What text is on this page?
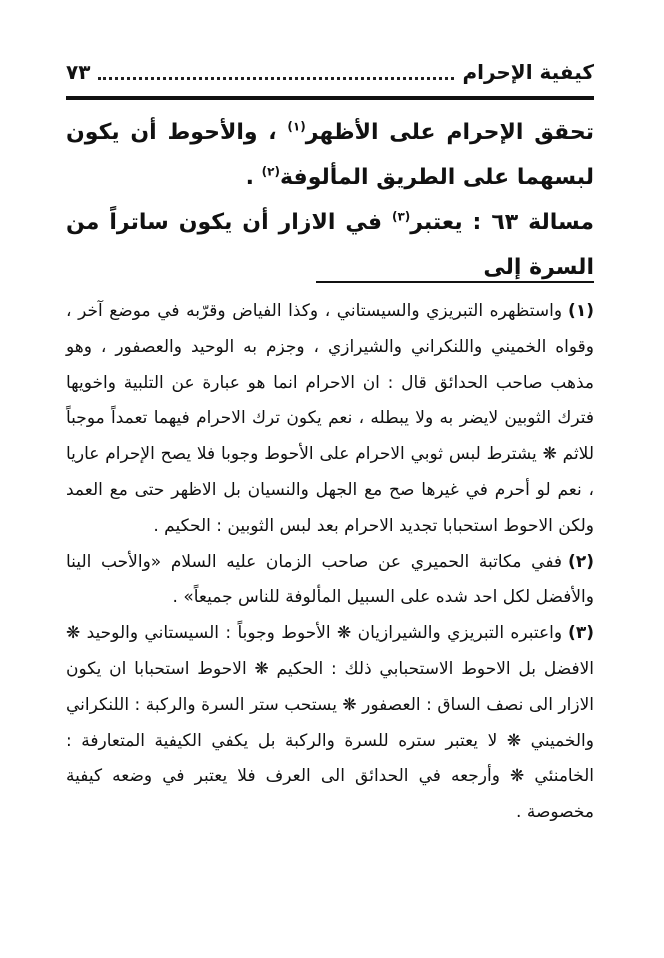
كيفية الإحرام
٧٣

تحقق الإحرام على الأظهر$^{(١)}$ ، والأحوط أن يكون لبسهما على الطريق المألوفة$^{(٢)}$ .

مسالة ٦٣ : يعتبر$^{(٣)}$ في الازار أن يكون ساتراً من السرة إلى

(١)واستظهره التبريزي والسيستاني ، وكذا الفياض وقرّبه في موضع آخر ، وقواه الخميني واللنكراني والشيرازي ، وجزم به الوحيد والعصفور ، وهو مذهب صاحب الحدائق قال : ان الاحرام انما هو عبارة عن التلبية واخويها فترك الثوبين لايضر به ولا يبطله ، نعم يكون ترك الاحرام فيهما تعمداً موجباً للاثم ❋ يشترط لبس ثوبي الاحرام على الأحوط وجوبا فلا يصح الإحرام عاريا ، نعم لو أحرم في غيرها صح مع الجهل والنسيان بل الاظهر حتى مع العمد ولكن الاحوط استحبابا تجديد الاحرام بعد لبس الثوبين : الحكيم .

(٢)ففي مكاتبة الحميري عن صاحب الزمان عليه السلام «والأحب الينا والأفضل لكل احد شده على السبيل المألوفة للناس جميعاً» .

(٣)واعتبره التبريزي والشيرازيان ❋ الأحوط وجوباً : السيستاني والوحيد ❋ الافضل بل الاحوط الاستحبابي ذلك : الحكيم ❋ الاحوط استحبابا ان يكون الازار الى نصف الساق : العصفور ❋ يستحب ستر السرة والركبة : اللنكراني والخميني ❋ لا يعتبر ستره للسرة والركبة بل يكفي الكيفية المتعارفة : الخامنئي ❋ وأرجعه في الحدائق الى العرف فلا يعتبر في وضعه كيفية مخصوصة .
